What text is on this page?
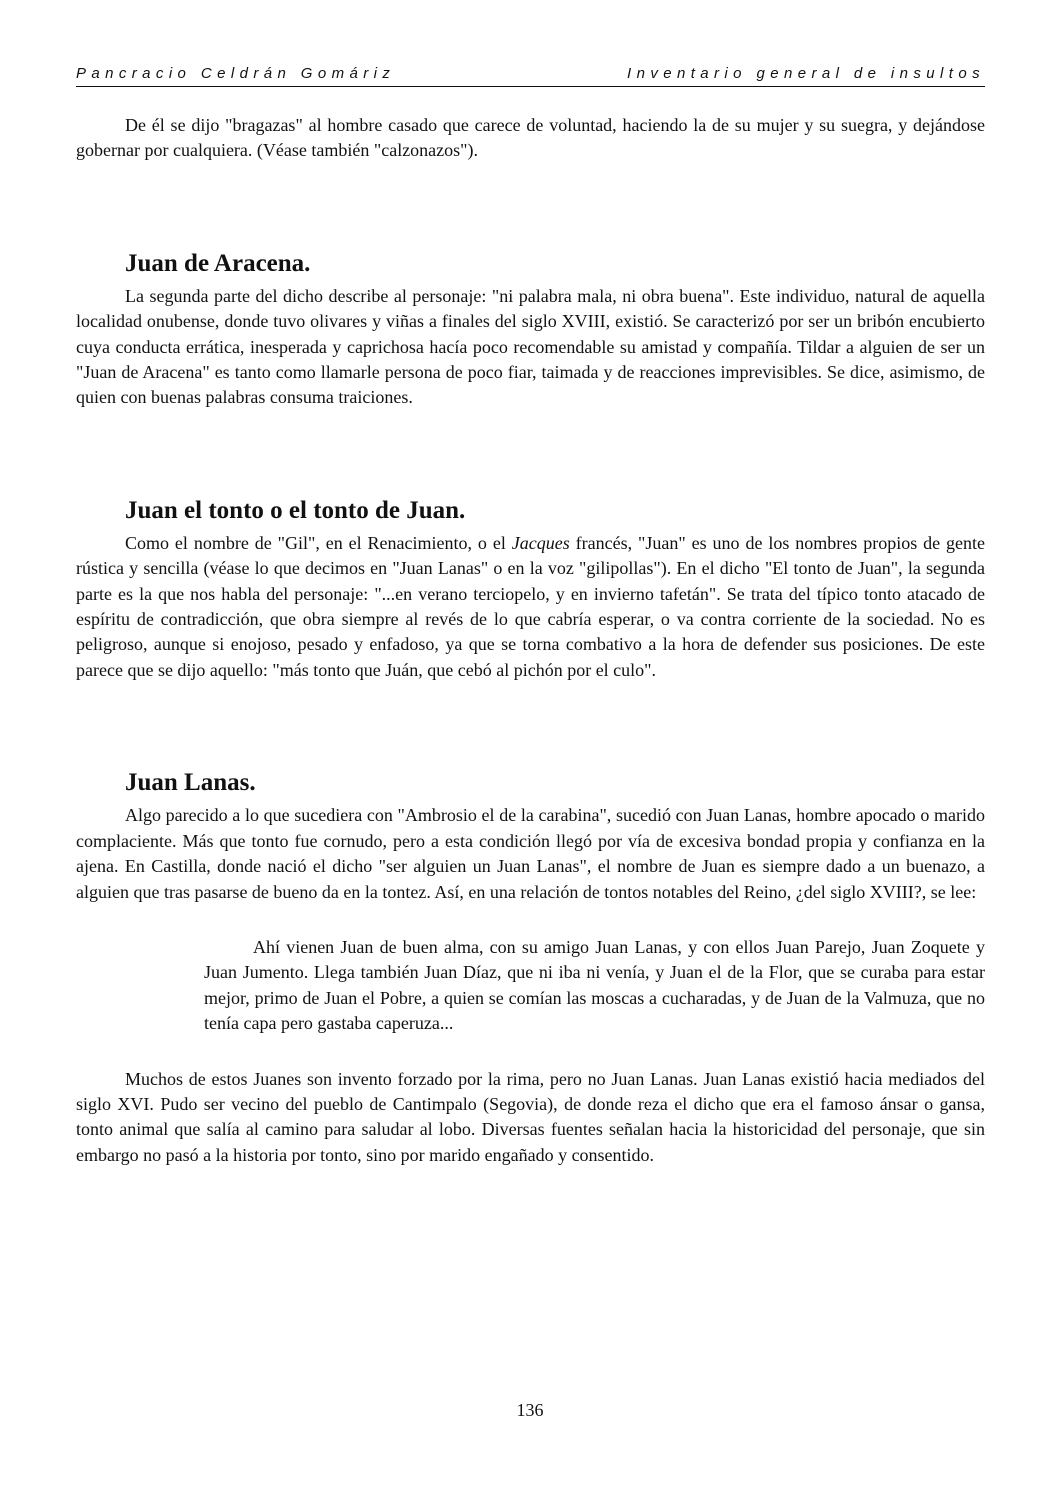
Pancracio Celdrán Gomáriz	Inventario general de insultos

De él se dijo "bragazas" al hombre casado que carece de voluntad, haciendo la de su mujer y su suegra, y dejándose gobernar por cualquiera. (Véase también "calzonazos").

Juan de Aracena.

La segunda parte del dicho describe al personaje: "ni palabra mala, ni obra buena". Este individuo, natural de aquella localidad onubense, donde tuvo olivares y viñas a finales del siglo XVIII, existió. Se caracterizó por ser un bribón encubierto cuya conducta errática, inesperada y caprichosa hacía poco recomendable su amistad y compañía. Tildar a alguien de ser un "Juan de Aracena" es tanto como llamarle persona de poco fiar, taimada y de reacciones imprevisibles. Se dice, asimismo, de quien con buenas palabras consuma traiciones.

Juan el tonto o el tonto de Juan.

Como el nombre de "Gil", en el Renacimiento, o el Jacques francés, "Juan" es uno de los nombres propios de gente rústica y sencilla (véase lo que decimos en "Juan Lanas" o en la voz "gilipollas"). En el dicho "El tonto de Juan", la segunda parte es la que nos habla del personaje: "...en verano terciopelo, y en invierno tafetán". Se trata del típico tonto atacado de espíritu de contradicción, que obra siempre al revés de lo que cabría esperar, o va contra corriente de la sociedad. No es peligroso, aunque si enojoso, pesado y enfadoso, ya que se torna combativo a la hora de defender sus posiciones. De este parece que se dijo aquello: "más tonto que Juán, que cebó al pichón por el culo".

Juan Lanas.

Algo parecido a lo que sucediera con "Ambrosio el de la carabina", sucedió con Juan Lanas, hombre apocado o marido complaciente. Más que tonto fue cornudo, pero a esta condición llegó por vía de excesiva bondad propia y confianza en la ajena. En Castilla, donde nació el dicho "ser alguien un Juan Lanas", el nombre de Juan es siempre dado a un buenazo, a alguien que tras pasarse de bueno da en la tontez. Así, en una relación de tontos notables del Reino, ¿del siglo XVIII?, se lee:

Ahí vienen Juan de buen alma, con su amigo Juan Lanas, y con ellos Juan Parejo, Juan Zoquete y Juan Jumento. Llega también Juan Díaz, que ni iba ni venía, y Juan el de la Flor, que se curaba para estar mejor, primo de Juan el Pobre, a quien se comían las moscas a cucharadas, y de Juan de la Valmuza, que no tenía capa pero gastaba caperuza...

Muchos de estos Juanes son invento forzado por la rima, pero no Juan Lanas. Juan Lanas existió hacia mediados del siglo XVI. Pudo ser vecino del pueblo de Cantimpalo (Segovia), de donde reza el dicho que era el famoso ánsar o gansa, tonto animal que salía al camino para saludar al lobo. Diversas fuentes señalan hacia la historicidad del personaje, que sin embargo no pasó a la historia por tonto, sino por marido engañado y consentido.

136
